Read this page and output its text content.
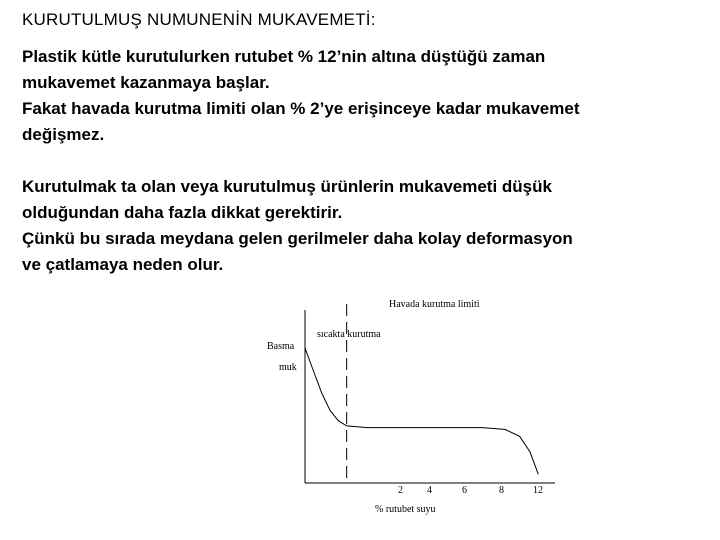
KURUTULMUŞ NUMUNENİN MUKAVEMETİ:
Plastik kütle kurutulurken rutubet % 12’nin altına düştüğü zaman
mukavemet kazanmaya başlar.
Fakat havada kurutma limiti olan % 2’ye erişinceye kadar mukavemet
değişmez.
Kurutulmak ta olan veya kurutulmuş ürünlerin mukavemeti düşük
olduğundan daha fazla dikkat gerektirir.
Çünkü bu sırada meydana gelen gerilmeler daha kolay deformasyon
ve çatlamaya neden olur.
Havada kurutma limiti
sıcakta kurutma
Basma
muk
2 4	6	8	12
% rutubet suyu
